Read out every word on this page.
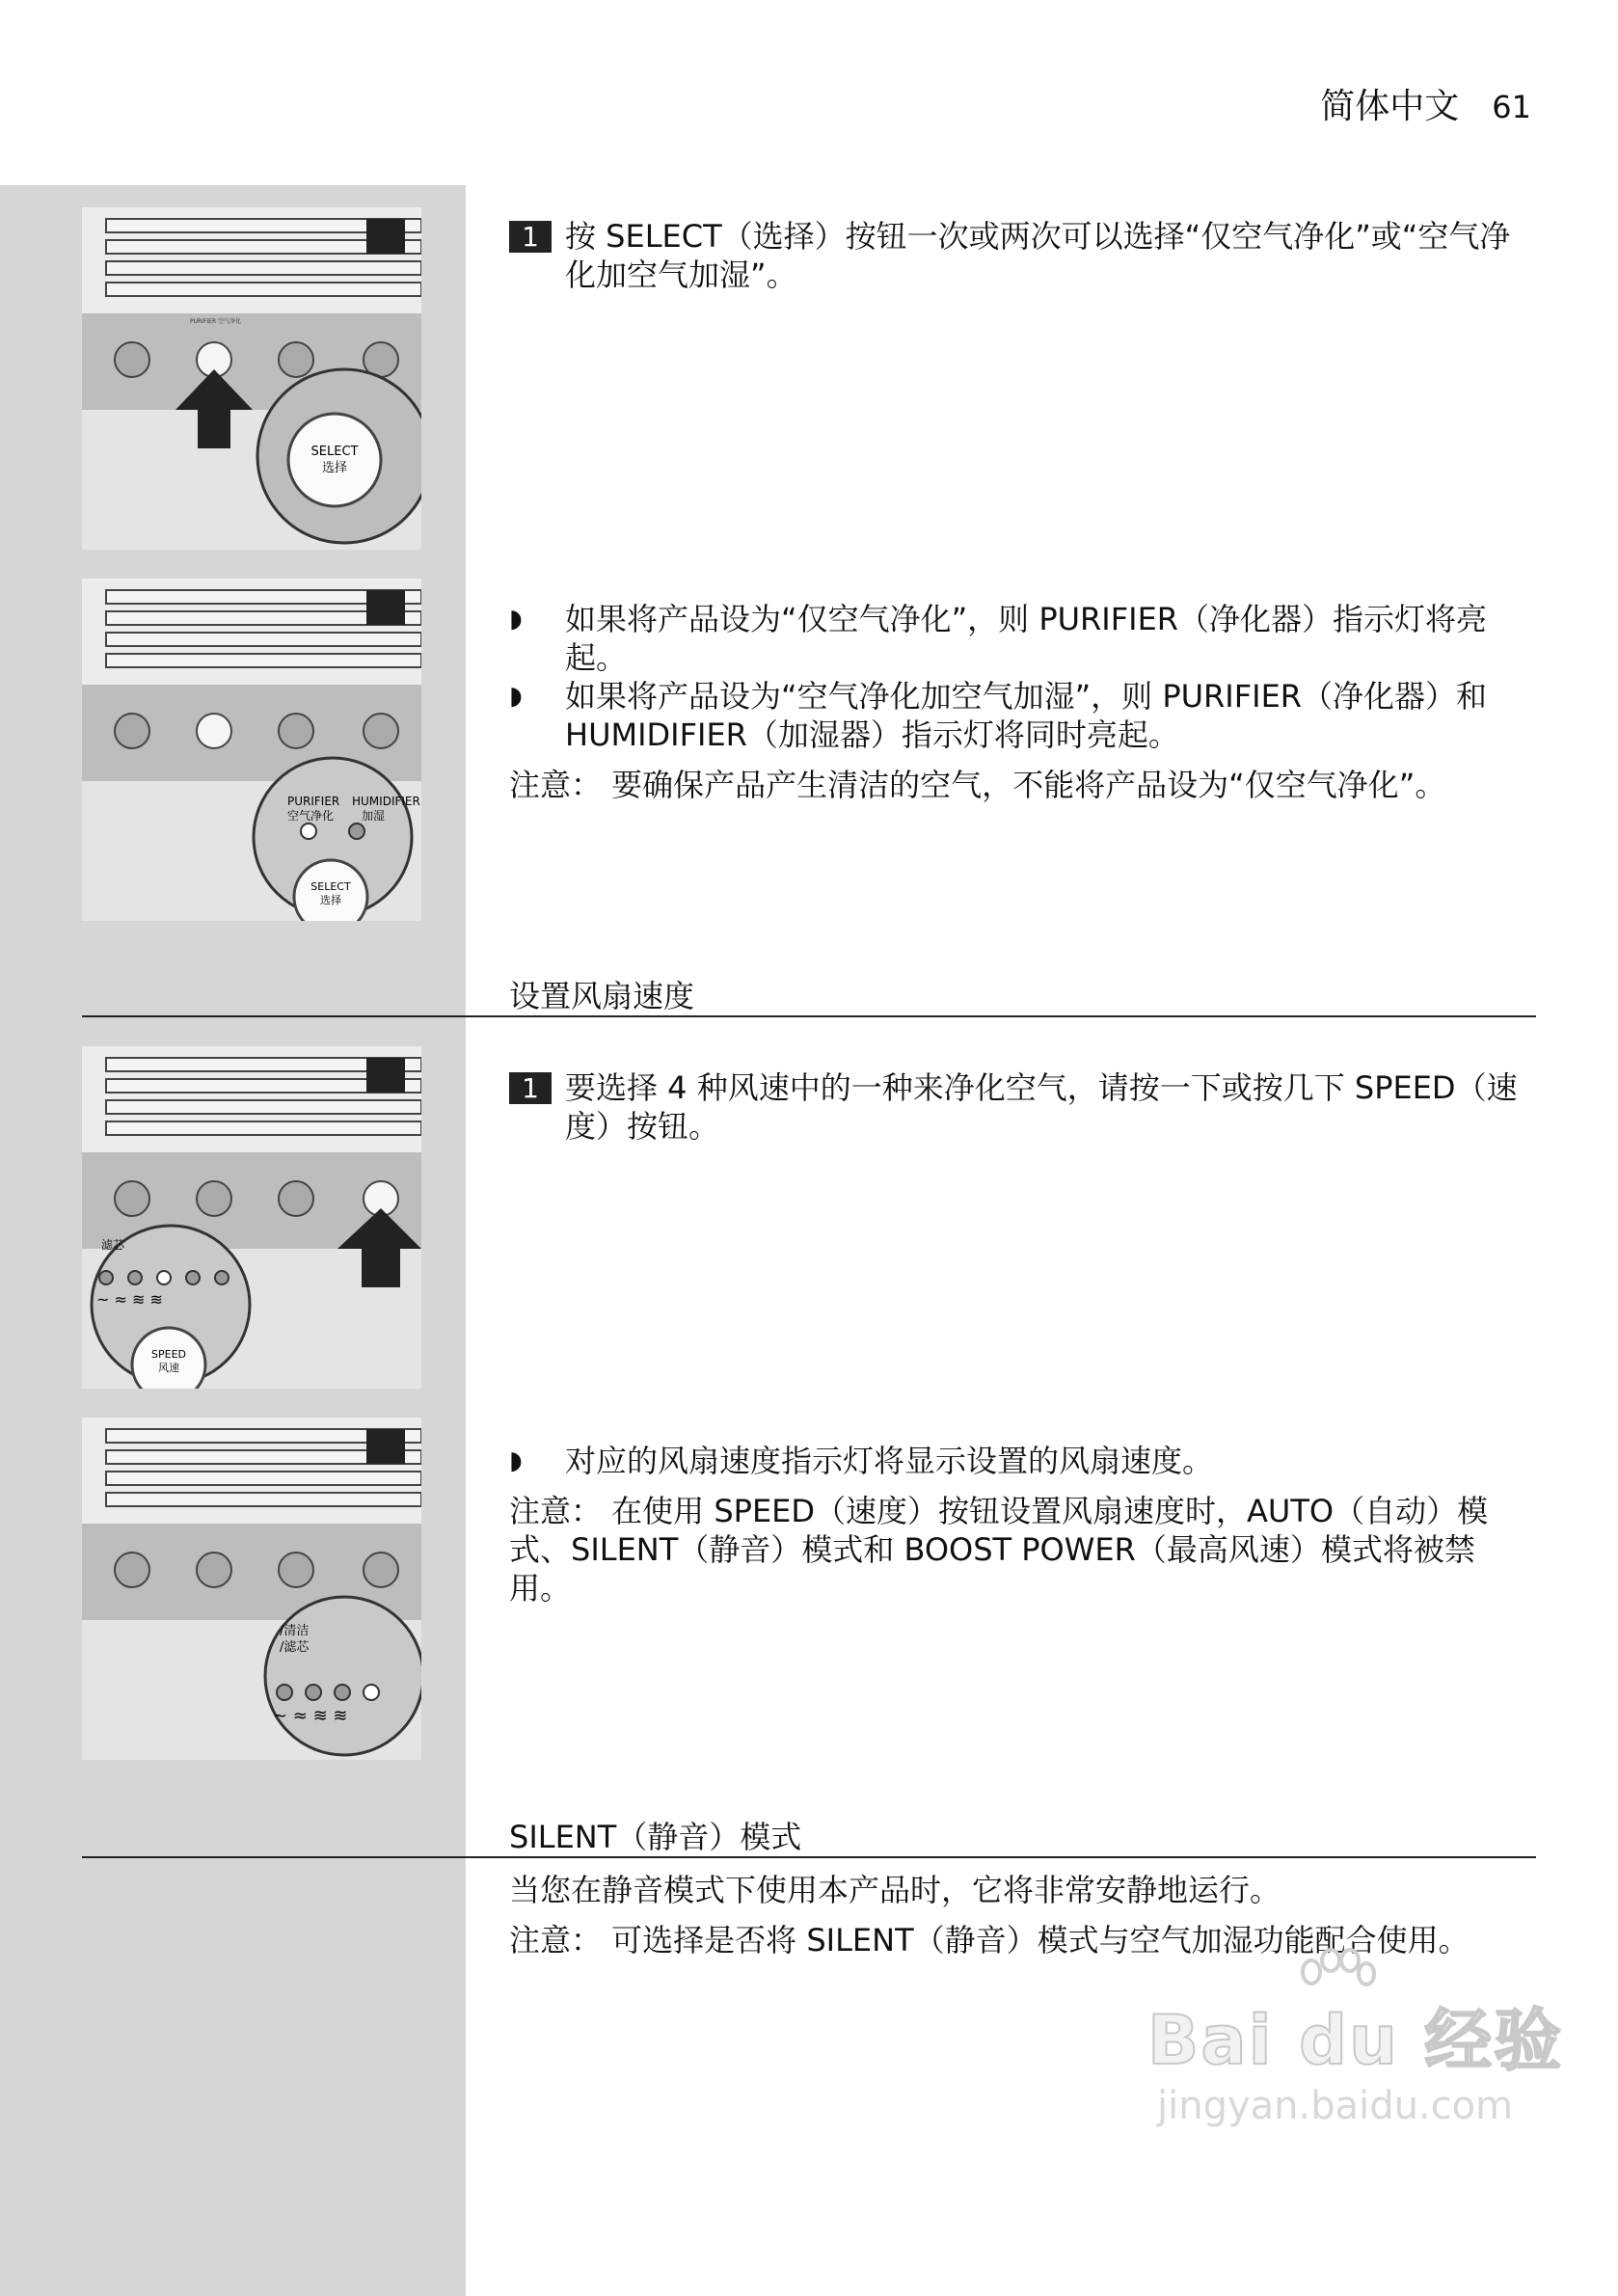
简体中文 61
PURIFIER 空气净化
SELECT
选择
1 按 SELECT（选择）按钮一次或两次可以选择“仅空气净化”或“空气净化加空气加湿”。
PURIFIER
空气净化
HUMIDIFIER
加湿
SELECT
选择
◗	如果将产品设为“仅空气净化”，则 PURIFIER（净化器）指示灯将亮起。
◗	如果将产品设为“空气净化加空气加湿”，则 PURIFIER（净化器）和 HUMIDIFIER（加湿器）指示灯将同时亮起。
注意： 要确保产品产生清洁的空气，不能将产品设为“仅空气净化”。
设置风扇速度
滤芯
~ ≈ ≋ ≋
SPEED
风速
1 要选择 4 种风速中的一种来净化空气，请按一下或按几下 SPEED（速度）按钮。
/清洁
/滤芯
~ ≈ ≋ ≋
◗	对应的风扇速度指示灯将显示设置的风扇速度。
注意： 在使用 SPEED（速度）按钮设置风扇速度时，AUTO（自动）模式、SILENT（静音）模式和 BOOST POWER（最高风速）模式将被禁用。
SILENT（静音）模式
当您在静音模式下使用本产品时，它将非常安静地运行。
注意： 可选择是否将 SILENT（静音）模式与空气加湿功能配合使用。
Bai du 经验
jingyan.baidu.com
